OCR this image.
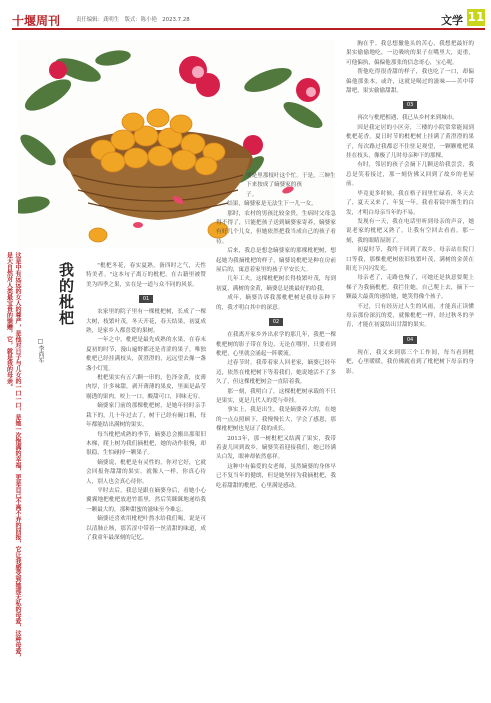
十堰周刊	责任编辑：龚明生　版式：陈小艳　2023.7.28	文学 11
这是中有远远的女人的尊严，是他对日子与儿女的一口一口，是她一次饱满的幸福，更是自己不离不弃的回报，它让我感受到她那无私的母爱，这种母爱，是大自然对人类最宝贵的馈赠，它，就是我的母亲。	我的枇杷
□李尚军

"枇杷冬花，春实夏熟，备四时之气，天性特美者。"这本句子离万的枇杷，在古籍里被赞美为四季之果，实在是一道与众不同的风景。

01

农家里的院子里有一棵枇杷树，长成了一棵大树，枝繁叶茂，冬天开花，春天结果，初夏成熟，是家乡人都喜爱的果树。

一年之中，枇杷是最先成熟的水果，在春末夏初的时节，漫山遍野都还是青涩的果子，唯独枇杷已经挂满枝头，黄澄澄的，远远望去像一盏盏小灯笼。

枇杷果实有五六颗一串的，色泽金黄，皮薄肉厚，汁多味甜，剥开薄薄的果皮，里面是晶莹剔透的果肉，咬上一口，酸甜可口，回味无穷。

嫡婆家门前的那棵枇杷树，是她年轻时亲手栽下的，几十年过去了，树干已经有碗口粗，每年都能结出满树的果实。

每当枇杷成熟的季节，嫡婆总会搬出那架旧木梯，爬上树为我们摘枇杷，她的动作很慢，却很稳，生怕碰掉一颗果子。

嫡婆说，枇杷是有灵性的，你对它好，它就会回报你甜甜的果实，就像人一样，你真心待人，别人也会真心待你。

平时去后，我总是跟在嫡婆身后，看她小心翼翼地把枇杷放进竹篮里，然后笑眯眯地递给我一颗最大的，那种甜蜜的滋味至今难忘。

嫡婆还喜欢用枇杷叶熬水给我们喝，说是可以清肺止咳，那苦涩中带着一丝清甜的味道，成了我童年最深刻的记忆。

要是里那枝叶这个忙。于是，三婶生

下来按成了嫡婆家的孩

子。

结果，嫡婆家是无法生下一儿一女。

那时，农村的男孩比较金贵，生病时父母急得不得了，只能把孩子送到嫡婆家寄养，嫡婆家有好几个儿女，但她依然把我当成自己的孩子看待。

后来，我总是想念嫡婆家的那棵枇杷树，想起她为我摘枇杷的样子，嫡婆说枇杷是种在房前屋后的，寓意着家里的孩子平安长大。

几年工夫，这棵枇杷树长得枝繁叶茂，每到初夏，满树的金黄，嫡婆总是挑最好的给我。

成年，嫡婆告诉我那枇杷树是我母亲种下的，我才明白其中的深意。

02

在我离开家乡外出求学的那几年，我把一棵枇杷树的影子带在身边，无论在哪里，只要看到枇杷，心里就会涌起一阵暖流。

过春节时，我带着家人回老家，嫡婆已经年迈，依然在枇杷树下等着我们，她说她活不了多久了，但这棵枇杷树会一直陪着我。

那一刻，我明白了，这棵枇杷树承载的不只是果实，更是几代人的爱与牵挂。

事实上，我是出生，我是嫡婆养大的，在她的一点点照顾下，我慢慢长大，学会了感恩，那棵枇杷树也见证了我的成长。

2013年，那一树枇杷又结满了果实，我带着妻儿回到故乡，嫡婆笑着迎接我们，她已经满头白发，眼神却依然慈祥。

这种中有偏爱的女老师，虽然嫡婆的身体早已不复当年的健朗，但是她坚持为我摘枇杷，我吃着甜甜的枇杷，心里满是感动。

胸在乎。我总想撤他头的苦心，我想把最好的果实偷偷地吃，一边吸吮的果子在嘴里大，更重，可他偏执，偏偏他那张的信念哥心，宝心呢。

帮他吃得很香甜的样子，我也吃了一口，却偏偏他那张本，或许，这就是喝过的滋味——苦中带甜吧，果实偷偷甜甜。

03

再次与枇杷相遇，我已从乡村来到城市。

因是我定居的小区旁，三楼的小院常常能闻到枇杷花香。夏日时节的枇杷树上挂满了黄澄澄的果子，每次路过我都忍不住驻足观望，一颗颗枇杷果挂在枝头，像极了儿时母亲种下的那棵。

有时，邻居的孩子会摘下几颗送给我尝尝，我总是笑着接过，那一刻仿佛又回到了故乡的老屋前。

毕竟更多时候，我在格子间里忙碌着，冬天去了，夏天又来了，年复一年。我看着镜中渐生的白发，才明白母亲当年的不易。

发现有一天，我在电话里听到母亲的声音，她说老家的枇杷又熟了，让我有空回去看看。那一刻，我的眼睛湿润了。

初夏时节，我终于回到了故乡，母亲站在院门口等我，那棵枇杷树依旧枝繁叶茂，满树的金黄在阳光下闪闪发光。

母亲老了，走路也慢了，可她还是执意要爬上梯子为我摘枇杷。我拦住她，自己爬上去，摘下一颗最大最黄的递给她，她笑得像个孩子。

不过，只有经历过人生的风雨，才能真正读懂母亲那份深沉的爱，就像枇杷一样，经过秋冬的孕育，才能在初夏结出甘甜的果实。

04

现在，我又来到那三个工作间，每当看到枇杷，心里暖暖，我仿佛就看到了枇杷树下母亲的身影。
